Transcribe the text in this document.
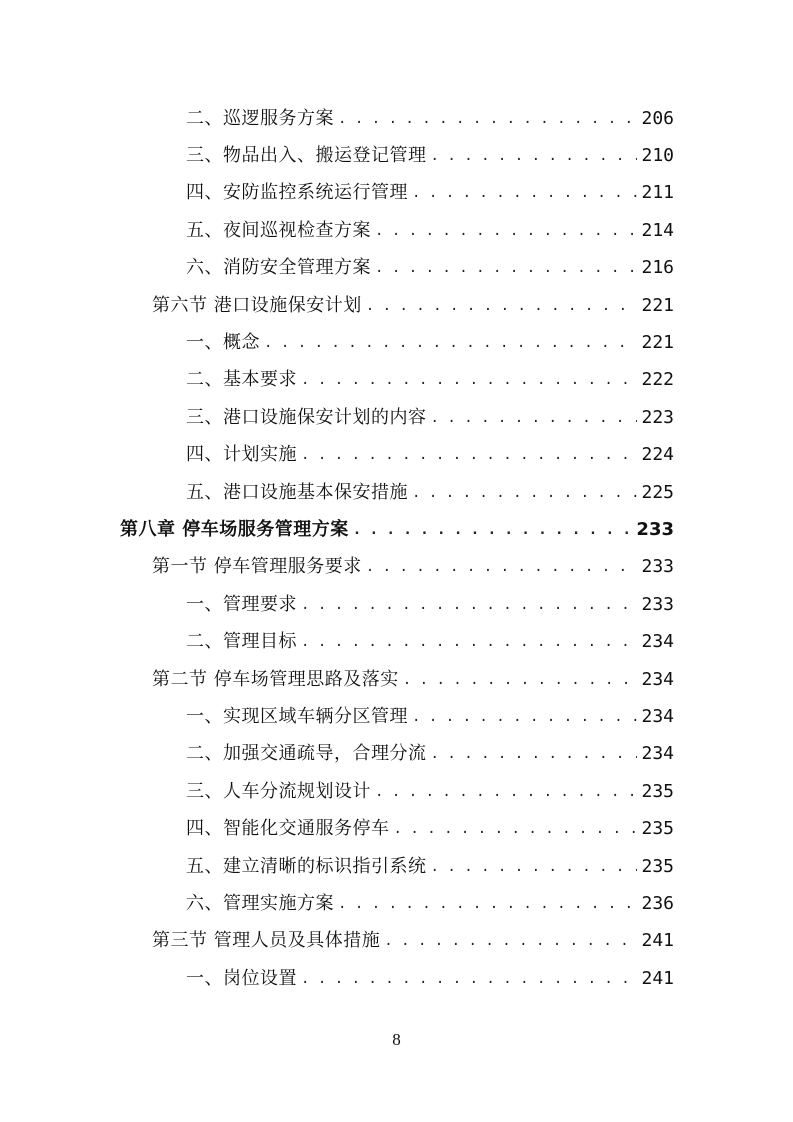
二、巡逻服务方案 . . .	206
三、物品出入、搬运登记管理 . . .	210
四、安防监控系统运行管理 . . .	211
五、夜间巡视检查方案 . . .	214
六、消防安全管理方案 . . .	216
第六节 港口设施保安计划 . . .	221
一、概念 . . .	221
二、基本要求 . . .	222
三、港口设施保安计划的内容 . . .	223
四、计划实施 . . .	224
五、港口设施基本保安措施 . . .	225
第八章 停车场服务管理方案 . . .	233
第一节 停车管理服务要求 . . .	233
一、管理要求 . . .	233
二、管理目标 . . .	234
第二节 停车场管理思路及落实 . . .	234
一、实现区域车辆分区管理 . . .	234
二、加强交通疏导，合理分流 . . .	234
三、人车分流规划设计 . . .	235
四、智能化交通服务停车 . . .	235
五、建立清晰的标识指引系统 . . .	235
六、管理实施方案 . . .	236
第三节 管理人员及具体措施 . . .	241
一、岗位设置 . . .	241
8
